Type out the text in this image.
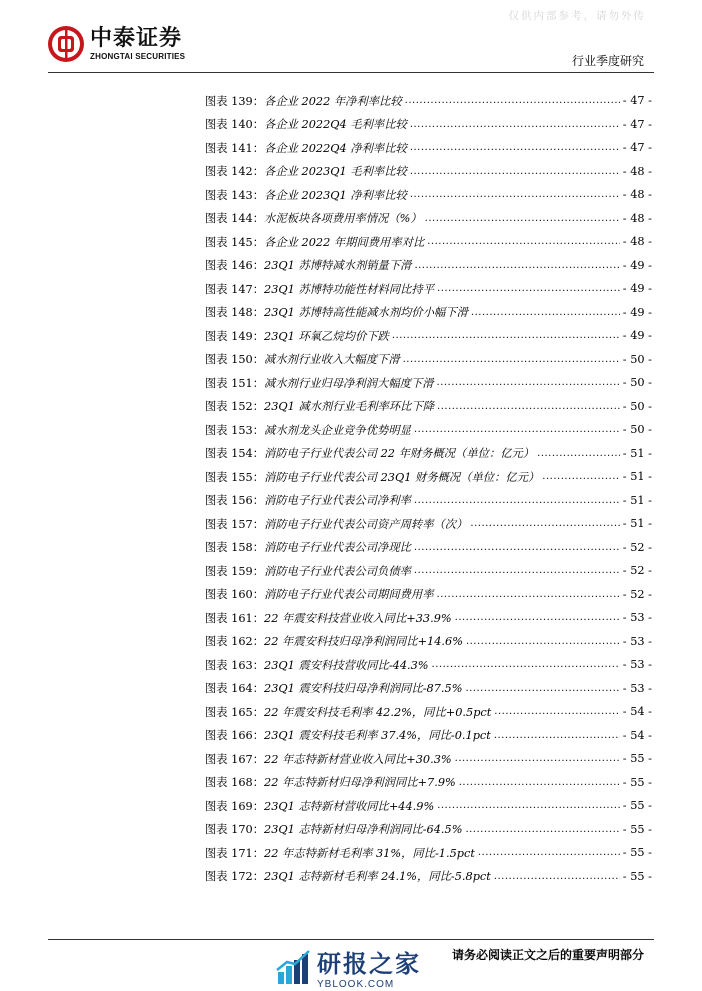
仅供内部参考，请勿外传
中泰证券
ZHONGTAI SECURITIES	行业季度研究
图表 139： 各企业 2022 年净利率比较 .....	- 47 -
图表 140： 各企业 2022Q4 毛利率比较 .....	- 47 -
图表 141： 各企业 2022Q4 净利率比较 .....	- 47 -
图表 142： 各企业 2023Q1 毛利率比较 .....	- 48 -
图表 143： 各企业 2023Q1 净利率比较 .....	- 48 -
图表 144： 水泥板块各项费用率情况（%） .....	- 48 -
图表 145： 各企业 2022 年期间费用率对比 .....	- 48 -
图表 146： 23Q1 苏博特减水剂销量下滑 .....	- 49 -
图表 147： 23Q1 苏博特功能性材料同比持平 .....	- 49 -
图表 148： 23Q1 苏博特高性能减水剂均价小幅下滑 .....	- 49 -
图表 149： 23Q1 环氧乙烷均价下跌 .....	- 49 -
图表 150： 减水剂行业收入大幅度下滑 .....	- 50 -
图表 151： 减水剂行业归母净利润大幅度下滑 .....	- 50 -
图表 152： 23Q1 减水剂行业毛利率环比下降 .....	- 50 -
图表 153： 减水剂龙头企业竞争优势明显 .....	- 50 -
图表 154： 消防电子行业代表公司 22 年财务概况（单位：亿元） .....	- 51 -
图表 155： 消防电子行业代表公司 23Q1 财务概况（单位：亿元） .....	- 51 -
图表 156： 消防电子行业代表公司净利率 .....	- 51 -
图表 157： 消防电子行业代表公司资产周转率（次） .....	- 51 -
图表 158： 消防电子行业代表公司净现比 .....	- 52 -
图表 159： 消防电子行业代表公司负债率 .....	- 52 -
图表 160： 消防电子行业代表公司期间费用率 .....	- 52 -
图表 161： 22 年震安科技营业收入同比+33.9% .....	- 53 -
图表 162： 22 年震安科技归母净利润同比+14.6% .....	- 53 -
图表 163： 23Q1 震安科技营收同比-44.3% .....	- 53 -
图表 164： 23Q1 震安科技归母净利润同比-87.5% .....	- 53 -
图表 165： 22 年震安科技毛利率 42.2%，同比+0.5pct .....	- 54 -
图表 166： 23Q1 震安科技毛利率 37.4%，同比-0.1pct .....	- 54 -
图表 167： 22 年志特新材营业收入同比+30.3% .....	- 55 -
图表 168： 22 年志特新材归母净利润同比+7.9% .....	- 55 -
图表 169： 23Q1 志特新材营收同比+44.9% .....	- 55 -
图表 170： 23Q1 志特新材归母净利润同比-64.5% .....	- 55 -
图表 171： 22 年志特新材毛利率 31%，同比-1.5pct .....	- 55 -
图表 172： 23Q1 志特新材毛利率 24.1%，同比-5.8pct .....	- 55 -
研报之家
YBLOOK.COM
请务必阅读正文之后的重要声明部分
